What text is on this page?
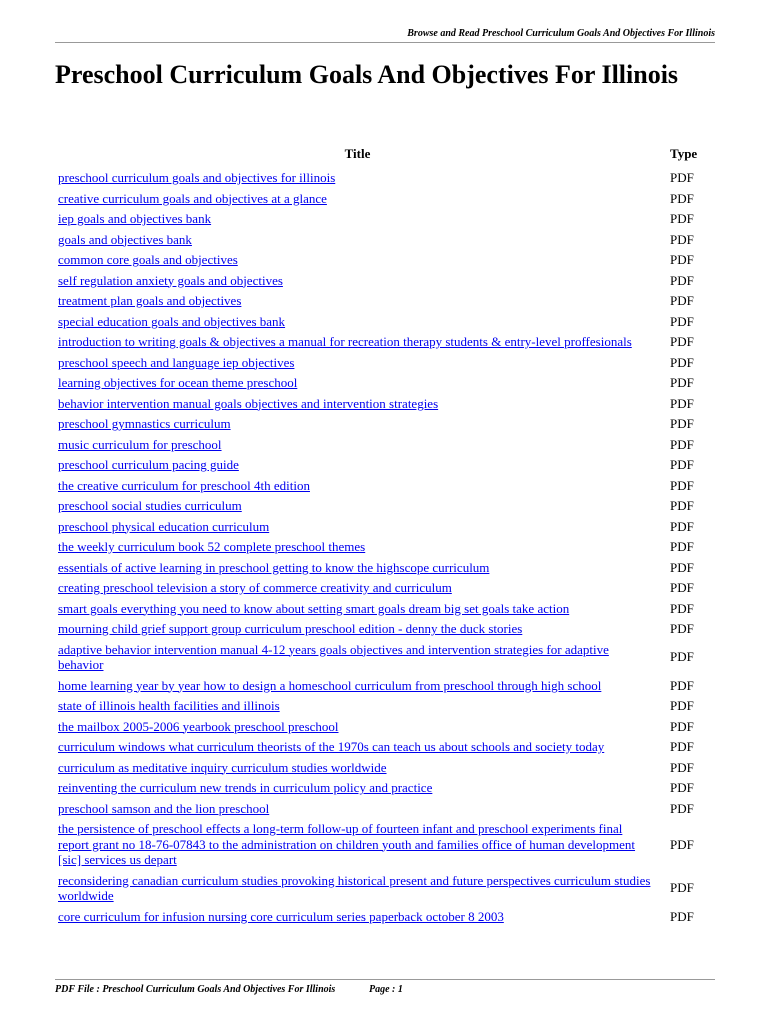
Browse and Read Preschool Curriculum Goals And Objectives For Illinois
Preschool Curriculum Goals And Objectives For Illinois
Title	Type
preschool curriculum goals and objectives for illinois	PDF
creative curriculum goals and objectives at a glance	PDF
iep goals and objectives bank	PDF
goals and objectives bank	PDF
common core goals and objectives	PDF
self regulation anxiety goals and objectives	PDF
treatment plan goals and objectives	PDF
special education goals and objectives bank	PDF
introduction to writing goals & objectives a manual for recreation therapy students & entry-level proffesionals	PDF
preschool speech and language iep objectives	PDF
learning objectives for ocean theme preschool	PDF
behavior intervention manual goals objectives and intervention strategies	PDF
preschool gymnastics curriculum	PDF
music curriculum for preschool	PDF
preschool curriculum pacing guide	PDF
the creative curriculum for preschool 4th edition	PDF
preschool social studies curriculum	PDF
preschool physical education curriculum	PDF
the weekly curriculum book 52 complete preschool themes	PDF
essentials of active learning in preschool getting to know the highscope curriculum	PDF
creating preschool television a story of commerce creativity and curriculum	PDF
smart goals everything you need to know about setting smart goals dream big set goals take action	PDF
mourning child grief support group curriculum preschool edition - denny the duck stories	PDF
adaptive behavior intervention manual 4-12 years goals objectives and intervention strategies for adaptive behavior	PDF
home learning year by year how to design a homeschool curriculum from preschool through high school	PDF
state of illinois health facilities and illinois	PDF
the mailbox 2005-2006 yearbook preschool preschool	PDF
curriculum windows what curriculum theorists of the 1970s can teach us about schools and society today	PDF
curriculum as meditative inquiry curriculum studies worldwide	PDF
reinventing the curriculum new trends in curriculum policy and practice	PDF
preschool samson and the lion preschool	PDF
the persistence of preschool effects a long-term follow-up of fourteen infant and preschool experiments final report grant no 18-76-07843 to the administration on children youth and families office of human development [sic] services us depart	PDF
reconsidering canadian curriculum studies provoking historical present and future perspectives curriculum studies worldwide	PDF
core curriculum for infusion nursing core curriculum series paperback october 8 2003	PDF
PDF File : Preschool Curriculum Goals And Objectives For Illinois	Page : 1
